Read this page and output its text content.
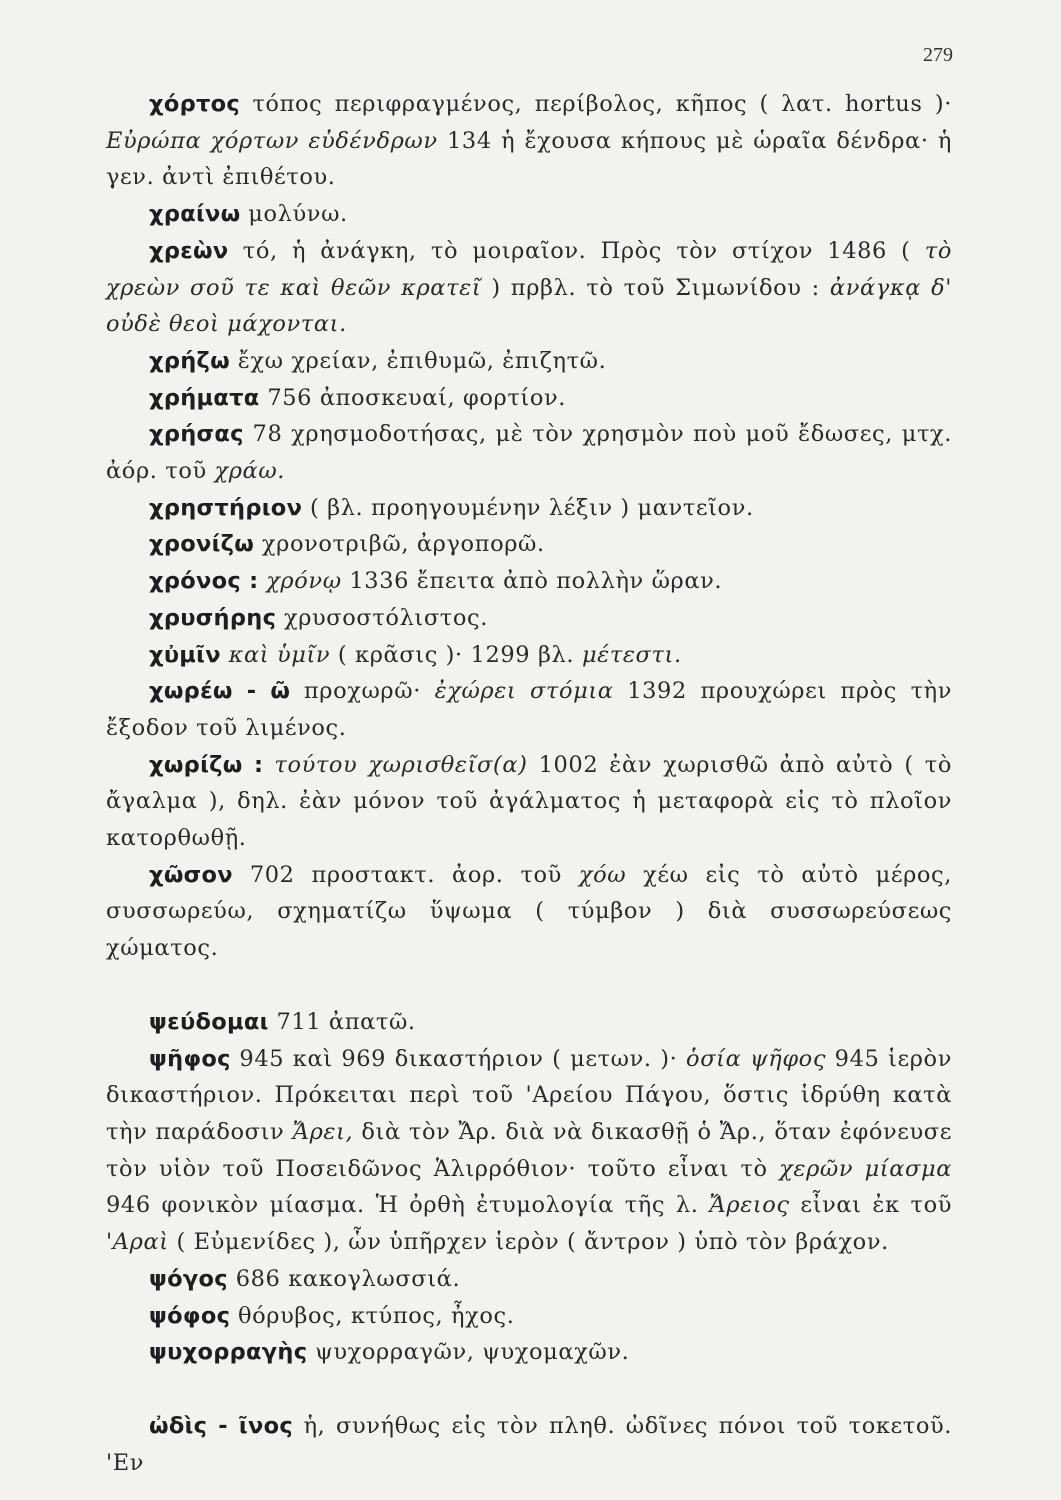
279

χόρτος τόπος περιφραγμένος, περίβολος, κῆπος ( λατ. hortus )· Εὐρώπα χόρτων εὐδένδρων 134 ἡ ἔχουσα κήπους μὲ ὡραῖα δένδρα· ἡ γεν. ἀντὶ ἐπιθέτου.

χραίνω μολύνω.

χρεὼν τό, ἡ ἀνάγκη, τὸ μοιραῖον. Πρὸς τὸν στίχον 1486 ( τὸ χρεὼν σοῦ τε καὶ θεῶν κρατεῖ ) πρβλ. τὸ τοῦ Σιμωνίδου : ἀνάγκᾳ δ' οὐδὲ θεοὶ μάχονται.

χρήζω ἔχω χρείαν, ἐπιθυμῶ, ἐπιζητῶ.

χρήματα 756 ἀποσκευαί, φορτίον.

χρήσας 78 χρησμοδοτήσας, μὲ τὸν χρησμὸν ποὺ μοῦ ἔδωσες, μτχ. ἀόρ. τοῦ χράω.

χρηστήριον ( βλ. προηγουμένην λέξιν ) μαντεῖον.

χρονίζω χρονοτριβῶ, ἀργοπορῶ.

χρόνος : χρόνῳ 1336 ἔπειτα ἀπὸ πολλὴν ὥραν.

χρυσήρης χρυσοστόλιστος.

χὐμῖν καὶ ὑμῖν ( κρᾶσις )· 1299 βλ. μέτεστι.

χωρέω - ῶ προχωρῶ· ἐχώρει στόμια 1392 προυχώρει πρὸς τὴν ἔξοδον τοῦ λιμένος.

χωρίζω : τούτου χωρισθεῖσ(α) 1002 ἐὰν χωρισθῶ ἀπὸ αὐτὸ ( τὸ ἄγαλμα ), δηλ. ἐὰν μόνον τοῦ ἀγάλματος ἡ μεταφορὰ εἰς τὸ πλοῖον κατορθωθῇ.

χῶσον 702 προστακτ. ἀορ. τοῦ χόω χέω εἰς τὸ αὐτὸ μέρος, συσσωρεύω, σχηματίζω ὕψωμα ( τύμβον ) διὰ συσσωρεύσεως χώματος.

ψεύδομαι 711 ἀπατῶ.

ψῆφος 945 καὶ 969 δικαστήριον ( μετων. )· ὁσία ψῆφος 945 ἱερὸν δικαστήριον. Πρόκειται περὶ τοῦ 'Αρείου Πάγου, ὅστις ἱδρύθη κατὰ τὴν παράδοσιν Ἄρει, διὰ τὸν Ἄρ. διὰ νὰ δικασθῇ ὁ Ἄρ., ὅταν ἐφόνευσε τὸν υἱὸν τοῦ Ποσειδῶνος Ἁλιρρόθιον· τοῦτο εἶναι τὸ χερῶν μίασμα 946 φονικὸν μίασμα. Ἡ ὀρθὴ ἐτυμολογία τῆς λ. Ἄρειος εἶναι ἐκ τοῦ 'Αραὶ ( Εὐμενίδες ), ὧν ὑπῆρχεν ἱερὸν ( ἄντρον ) ὑπὸ τὸν βράχον.

ψόγος 686 κακογλωσσιά.

ψόφος θόρυβος, κτύπος, ἦχος.

ψυχορραγὴς ψυχορραγῶν, ψυχομαχῶν.

ὠδὶς - ῖνος ἡ, συνήθως εἰς τὸν πληθ. ὠδῖνες πόνοι τοῦ τοκετοῦ. 'Εν
